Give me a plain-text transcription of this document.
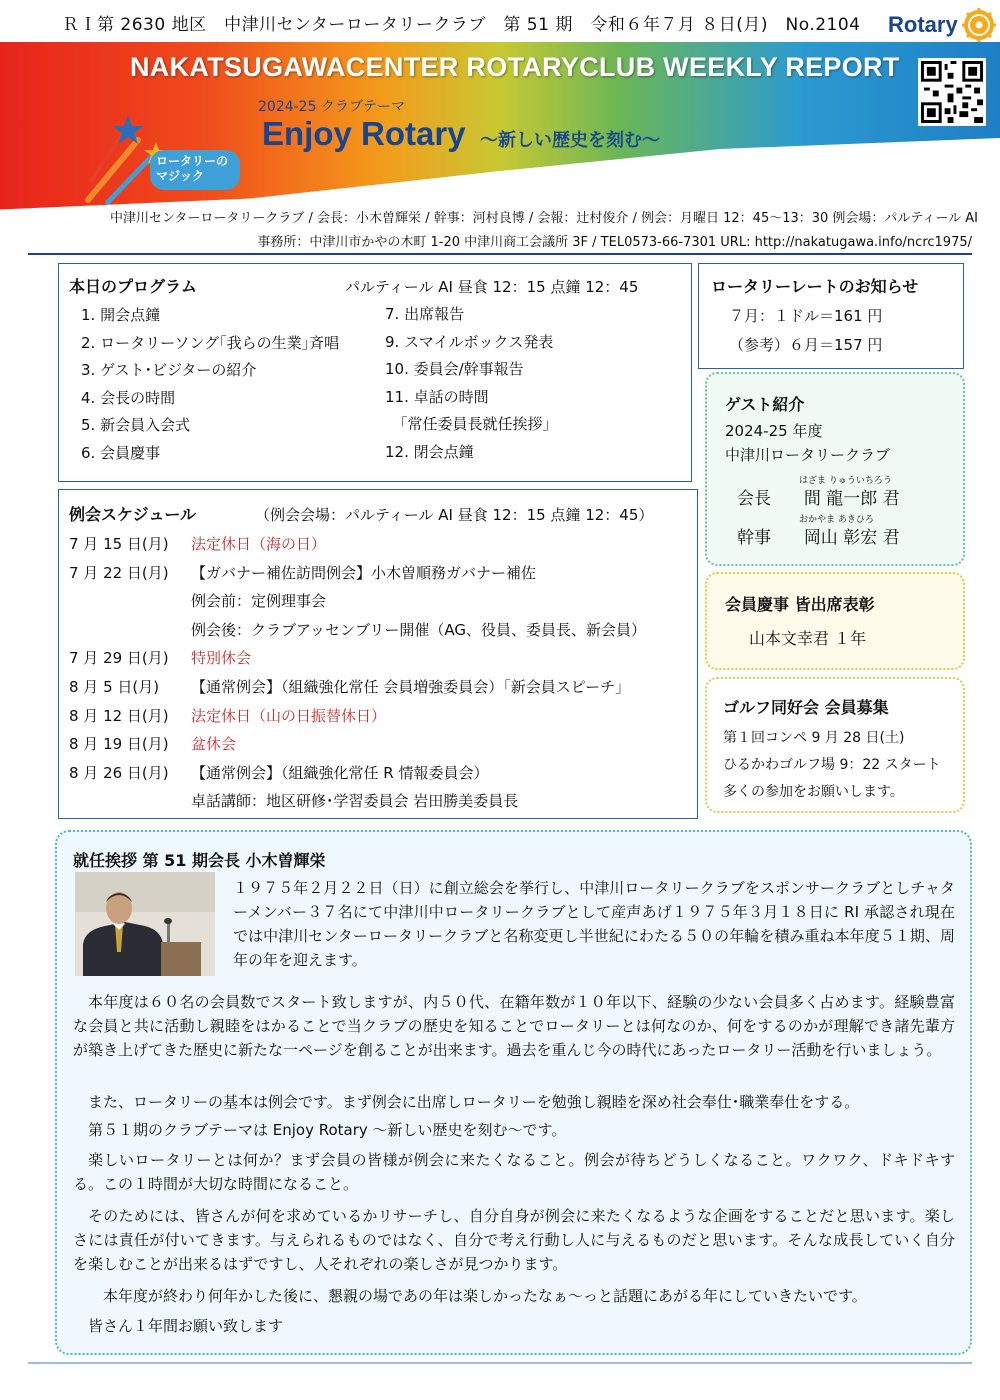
ＲＩ第 2630 地区　中津川センターロータリークラブ　第 51 期　令和６年７月 ８日(月)　No.2104 Rotary
NAKATSUGAWACENTER ROTARYCLUB WEEKLY REPORT
2024-25 クラブテーマ
Enjoy Rotary ～新しい歴史を刻む～
ロータリーの
マジック
中津川センターロータリークラブ / 会長：小木曽輝栄 / 幹事：河村良博 / 会報：辻村俊介 / 例会：月曜日 12：45～13：30 例会場：パルティール AI
事務所：中津川市かやの木町 1-20 中津川商工会議所 3F / TEL0573-66-7301 URL: http://nakatugawa.info/ncrc1975/
本日のプログラム	パルティール AI 昼食 12：15 点鐘 12：45
1. 開会点鐘
2. ロータリーソング｢我らの生業｣斉唱
3. ゲスト･ビジターの紹介
4. 会長の時間
5. 新会員入会式
6. 会員慶事
7. 出席報告
9. スマイルボックス発表
10. 委員会/幹事報告
11. 卓話の時間
　「常任委員長就任挨拶」
12. 閉会点鐘
ロータリーレートのお知らせ
７月：１ドル＝161 円
（参考）６月＝157 円
ゲスト紹介
2024-25 年度
中津川ロータリークラブ
はざま りゅういちろう
会長 間 龍一郎 君
おかやま あきひろ
幹事 岡山 彰宏 君
会員慶事 皆出席表彰
山本文幸君 １年
ゴルフ同好会 会員募集
第１回コンペ 9 月 28 日(土)
ひるかわゴルフ場 9：22 スタート
多くの参加をお願いします。
例会スケジュール	（例会会場：パルティール AI 昼食 12：15 点鐘 12：45）
7 月 15 日(月)	法定休日（海の日）
7 月 22 日(月)	【ガバナー補佐訪問例会】小木曽順務ガバナー補佐
例会前：定例理事会
例会後：クラブアッセンブリー開催（AG、役員、委員長、新会員）
7 月 29 日(月)	特別休会
8 月 5 日(月)	【通常例会】（組織強化常任 会員増強委員会）「新会員スピーチ」
8 月 12 日(月)	法定休日（山の日振替休日）
8 月 19 日(月)	盆休会
8 月 26 日(月)	【通常例会】（組織強化常任 R 情報委員会）
卓話講師：地区研修･学習委員会 岩田勝美委員長
就任挨拶 第 51 期会長 小木曽輝栄
１９７５年２月２２日（日）に創立総会を挙行し、中津川ロータリークラブをスポンサークラブとしチャターメンバー３７名にて中津川中ロータリークラブとして産声あげ１９７５年３月１８日に RI 承認され現在では中津川センターロータリークラブと名称変更し半世紀にわたる５０の年輪を積み重ね本年度５１期、周年の年を迎えます。
本年度は６０名の会員数でスタート致しますが、内５０代、在籍年数が１０年以下、経験の少ない会員多く占めます。経験豊富な会員と共に活動し親睦をはかることで当クラブの歴史を知ることでロータリーとは何なのか、何をするのかが理解でき諸先輩方が築き上げてきた歴史に新たな一ページを創ることが出来ます。過去を重んじ今の時代にあったロータリー活動を行いましょう。
また、ロータリーの基本は例会です。まず例会に出席しロータリーを勉強し親睦を深め社会奉仕･職業奉仕をする。
第５１期のクラブテーマは Enjoy Rotary ～新しい歴史を刻む～です。
楽しいロータリーとは何か？まず会員の皆様が例会に来たくなること。例会が待ちどうしくなること。ワクワク、ドキドキする。この１時間が大切な時間になること。
そのためには、皆さんが何を求めているかリサーチし、自分自身が例会に来たくなるような企画をすることだと思います。楽しさには責任が付いてきます。与えられるものではなく、自分で考え行動し人に与えるものだと思います。そんな成長していく自分を楽しむことが出来るはずですし、人それぞれの楽しさが見つかります。
本年度が終わり何年かした後に、懇親の場であの年は楽しかったなぁ～っと話題にあがる年にしていきたいです。
皆さん１年間お願い致します
